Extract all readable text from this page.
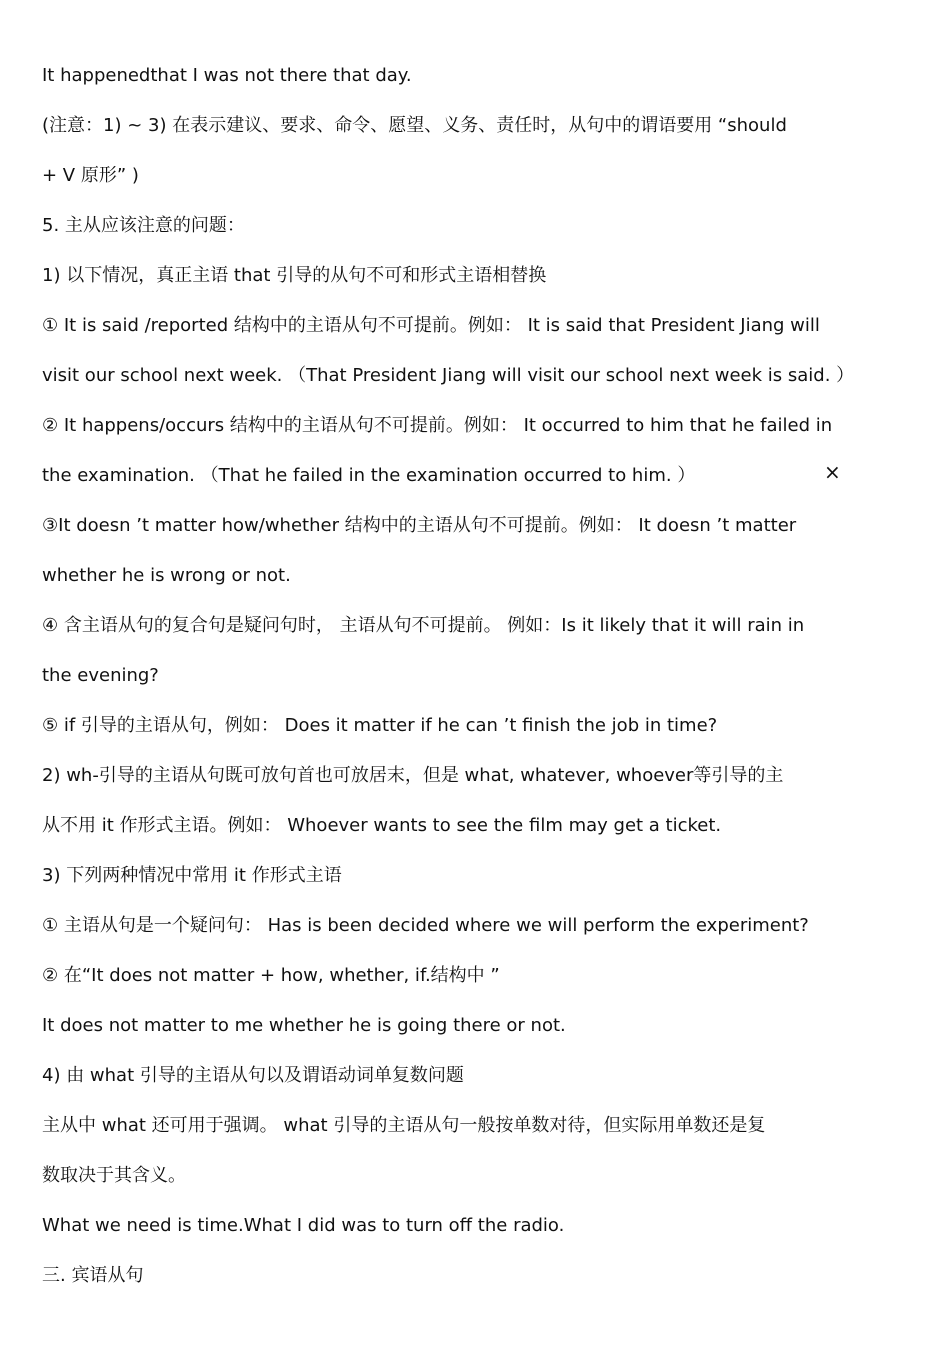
It happenedthat I was not there that day.
(注意：1) ~ 3) 在表示建议、要求、命令、愿望、义务、责任时，从句中的谓语要用 “should
+ V 原形” )
5. 主从应该注意的问题：
1) 以下情况，真正主语 that 引导的从句不可和形式主语相替换
① It is said /reported 结构中的主语从句不可提前。例如： It is said that President Jiang will
visit our school next week. （That President Jiang will visit our school next week is said. ）
② It happens/occurs 结构中的主语从句不可提前。例如： It occurred to him that he failed in
the examination. （That he failed in the examination occurred to him. ）
③It doesn ’t matter how/whether 结构中的主语从句不可提前。例如： It doesn ’t matter
whether he is wrong or not.
④ 含主语从句的复合句是疑问句时， 主语从句不可提前。 例如：Is it likely that it will rain in
the evening?
⑤ if 引导的主语从句，例如： Does it matter if he can ’t finish the job in time?
2) wh-引导的主语从句既可放句首也可放居末，但是 what, whatever, whoever等引导的主
从不用 it 作形式主语。例如： Whoever wants to see the film may get a ticket.
3) 下列两种情况中常用 it 作形式主语
① 主语从句是一个疑问句： Has is been decided where we will perform the experiment?
② 在“It does not matter + how, whether, if.结构中 ”
It does not matter to me whether he is going there or not.
4) 由 what 引导的主语从句以及谓语动词单复数问题
主从中 what 还可用于强调。 what 引导的主语从句一般按单数对待，但实际用单数还是复
数取决于其含义。
What we need is time.What I did was to turn off the radio.
三. 宾语从句
×
